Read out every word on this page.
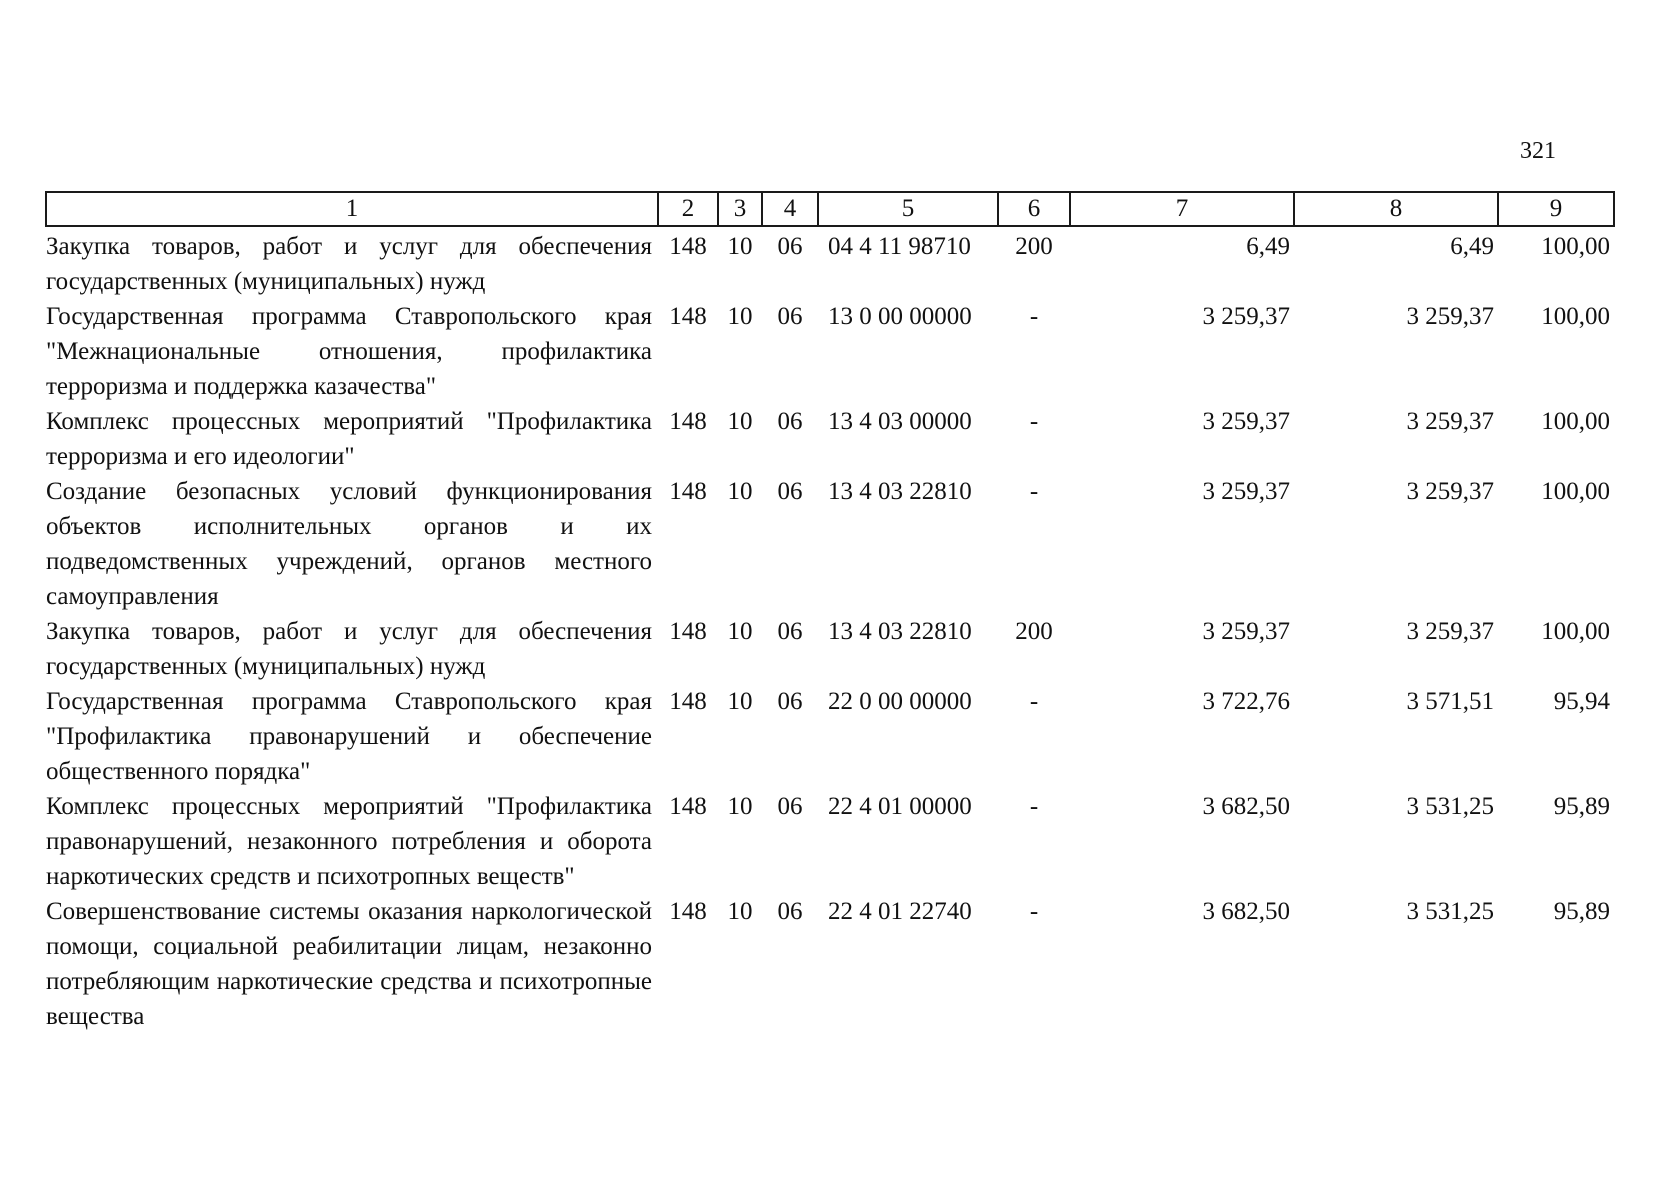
321
1	2	3	4	5	6	7	8	9
Закупка товаров, работ и услуг для обеспечения государственных (муниципальных) нужд	148	10	06	04 4 11 98710	200	6,49	6,49	100,00
Государственная программа Ставропольского края "Межнациональные отношения, профилактика терроризма и поддержка казачества"	148	10	06	13 0 00 00000	-	3 259,37	3 259,37	100,00
Комплекс процессных мероприятий "Профилактика терроризма и его идеологии"	148	10	06	13 4 03 00000	-	3 259,37	3 259,37	100,00
Создание безопасных условий функционирования объектов исполнительных органов и их подведомственных учреждений, органов местного самоуправления	148	10	06	13 4 03 22810	-	3 259,37	3 259,37	100,00
Закупка товаров, работ и услуг для обеспечения государственных (муниципальных) нужд	148	10	06	13 4 03 22810	200	3 259,37	3 259,37	100,00
Государственная программа Ставропольского края "Профилактика правонарушений и обеспечение общественного порядка"	148	10	06	22 0 00 00000	-	3 722,76	3 571,51	95,94
Комплекс процессных мероприятий "Профилактика правонарушений, незаконного потребления и оборота наркотических средств и психотропных веществ"	148	10	06	22 4 01 00000	-	3 682,50	3 531,25	95,89
Совершенствование системы оказания наркологической помощи, социальной реабилитации лицам, незаконно потребляющим наркотические средства и психотропные вещества	148	10	06	22 4 01 22740	-	3 682,50	3 531,25	95,89
